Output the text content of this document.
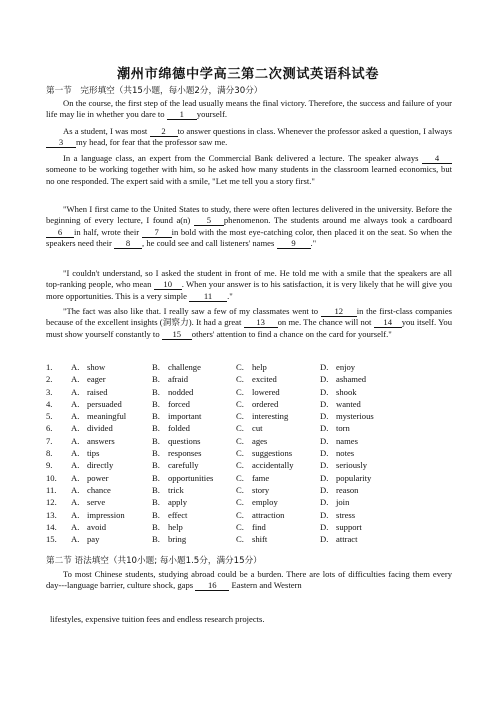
潮州市绵德中学高三第二次测试英语科试卷
第一节　完形填空（共15小题，每小题2分，满分30分）

On the course, the first step of the lead usually means the final victory. Therefore, the success and failure of your life may lie in whether you dare to 1 yourself.

As a student, I was most 2 to answer questions in class. Whenever the professor asked a question, I always 3 my head, for fear that the professor saw me.

In a language class, an expert from the Commercial Bank delivered a lecture. The speaker always 4someone to be working together with him, so he asked how many students in the classroom learned economics, but no one responded. The expert said with a smile, "Let me tell you a story first."

"When I first came to the United States to study, there were often lectures delivered in the university. Before the beginning of every lecture, I found a(n) 5 phenomenon. The students around me always took a cardboard 6 in half, wrote their 7 in bold with the most eye-catching color, then placed it on the seat. So when the speakers need their 8 , he could see and call listeners' names 9 ."

"I couldn't understand, so I asked the student in front of me. He told me with a smile that the speakers are all top-ranking people, who mean 10 . When your answer is to his satisfaction, it is very likely that he will give you more opportunities. This is a very simple 11 ."

"The fact was also like that. I really saw a few of my classmates went to 12 in the first-class companies because of the excellent insights (洞察力). It had a great 13 on me. The chance will not 14 you itself. You must show yourself constantly to 15 others' attention to find a chance on the card for yourself."

1.	A.	show	B.	challenge	C.	help	D.	enjoy
2.	A.	eager	B.	afraid	C.	excited	D.	ashamed
3.	A.	raised	B.	nodded	C.	lowered	D.	shook
4.	A.	persuaded	B.	forced	C.	ordered	D.	wanted
5.	A.	meaningful	B.	important	C.	interesting	D.	mysterious
6.	A.	divided	B.	folded	C.	cut	D.	torn
7.	A.	answers	B.	questions	C.	ages	D.	names
8.	A.	tips	B.	responses	C.	suggestions	D.	notes
9.	A.	directly	B.	carefully	C.	accidentally	D.	seriously
10.	A.	power	B.	opportunities	C.	fame	D.	popularity
11.	A.	chance	B.	trick	C.	story	D.	reason
12.	A.	serve	B.	apply	C.	employ	D.	join
13.	A.	impression	B.	effect	C.	attraction	D.	stress
14.	A.	avoid	B.	help	C.	find	D.	support
15.	A.	pay	B.	bring	C.	shift	D.	attract
第二节 语法填空（共10小题; 每小题1.5分，满分15分）

To most Chinese students, studying abroad could be a burden. There are lots of difficulties facing them every day---language barrier, culture shock, gaps 16 Eastern and Western

lifestyles, expensive tuition fees and endless research projects.
